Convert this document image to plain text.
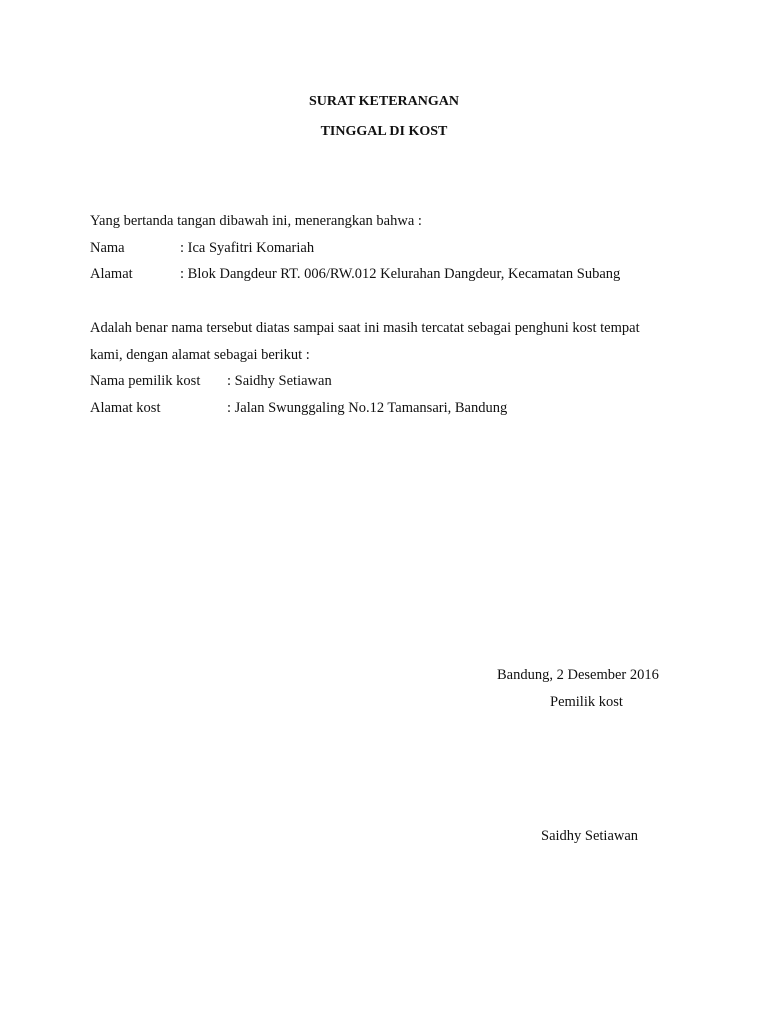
SURAT KETERANGAN
TINGGAL DI KOST
Yang bertanda tangan dibawah ini, menerangkan bahwa :
Nama	: Ica Syafitri Komariah
Alamat	: Blok Dangdeur RT. 006/RW.012 Kelurahan Dangdeur, Kecamatan Subang
Adalah benar nama tersebut diatas sampai saat ini masih tercatat sebagai penghuni kost tempat
kami, dengan alamat sebagai berikut :
Nama pemilik kost : Saidhy Setiawan
Alamat kost	: Jalan Swunggaling No.12 Tamansari, Bandung
Bandung, 2 Desember 2016
Pemilik kost
Saidhy Setiawan
